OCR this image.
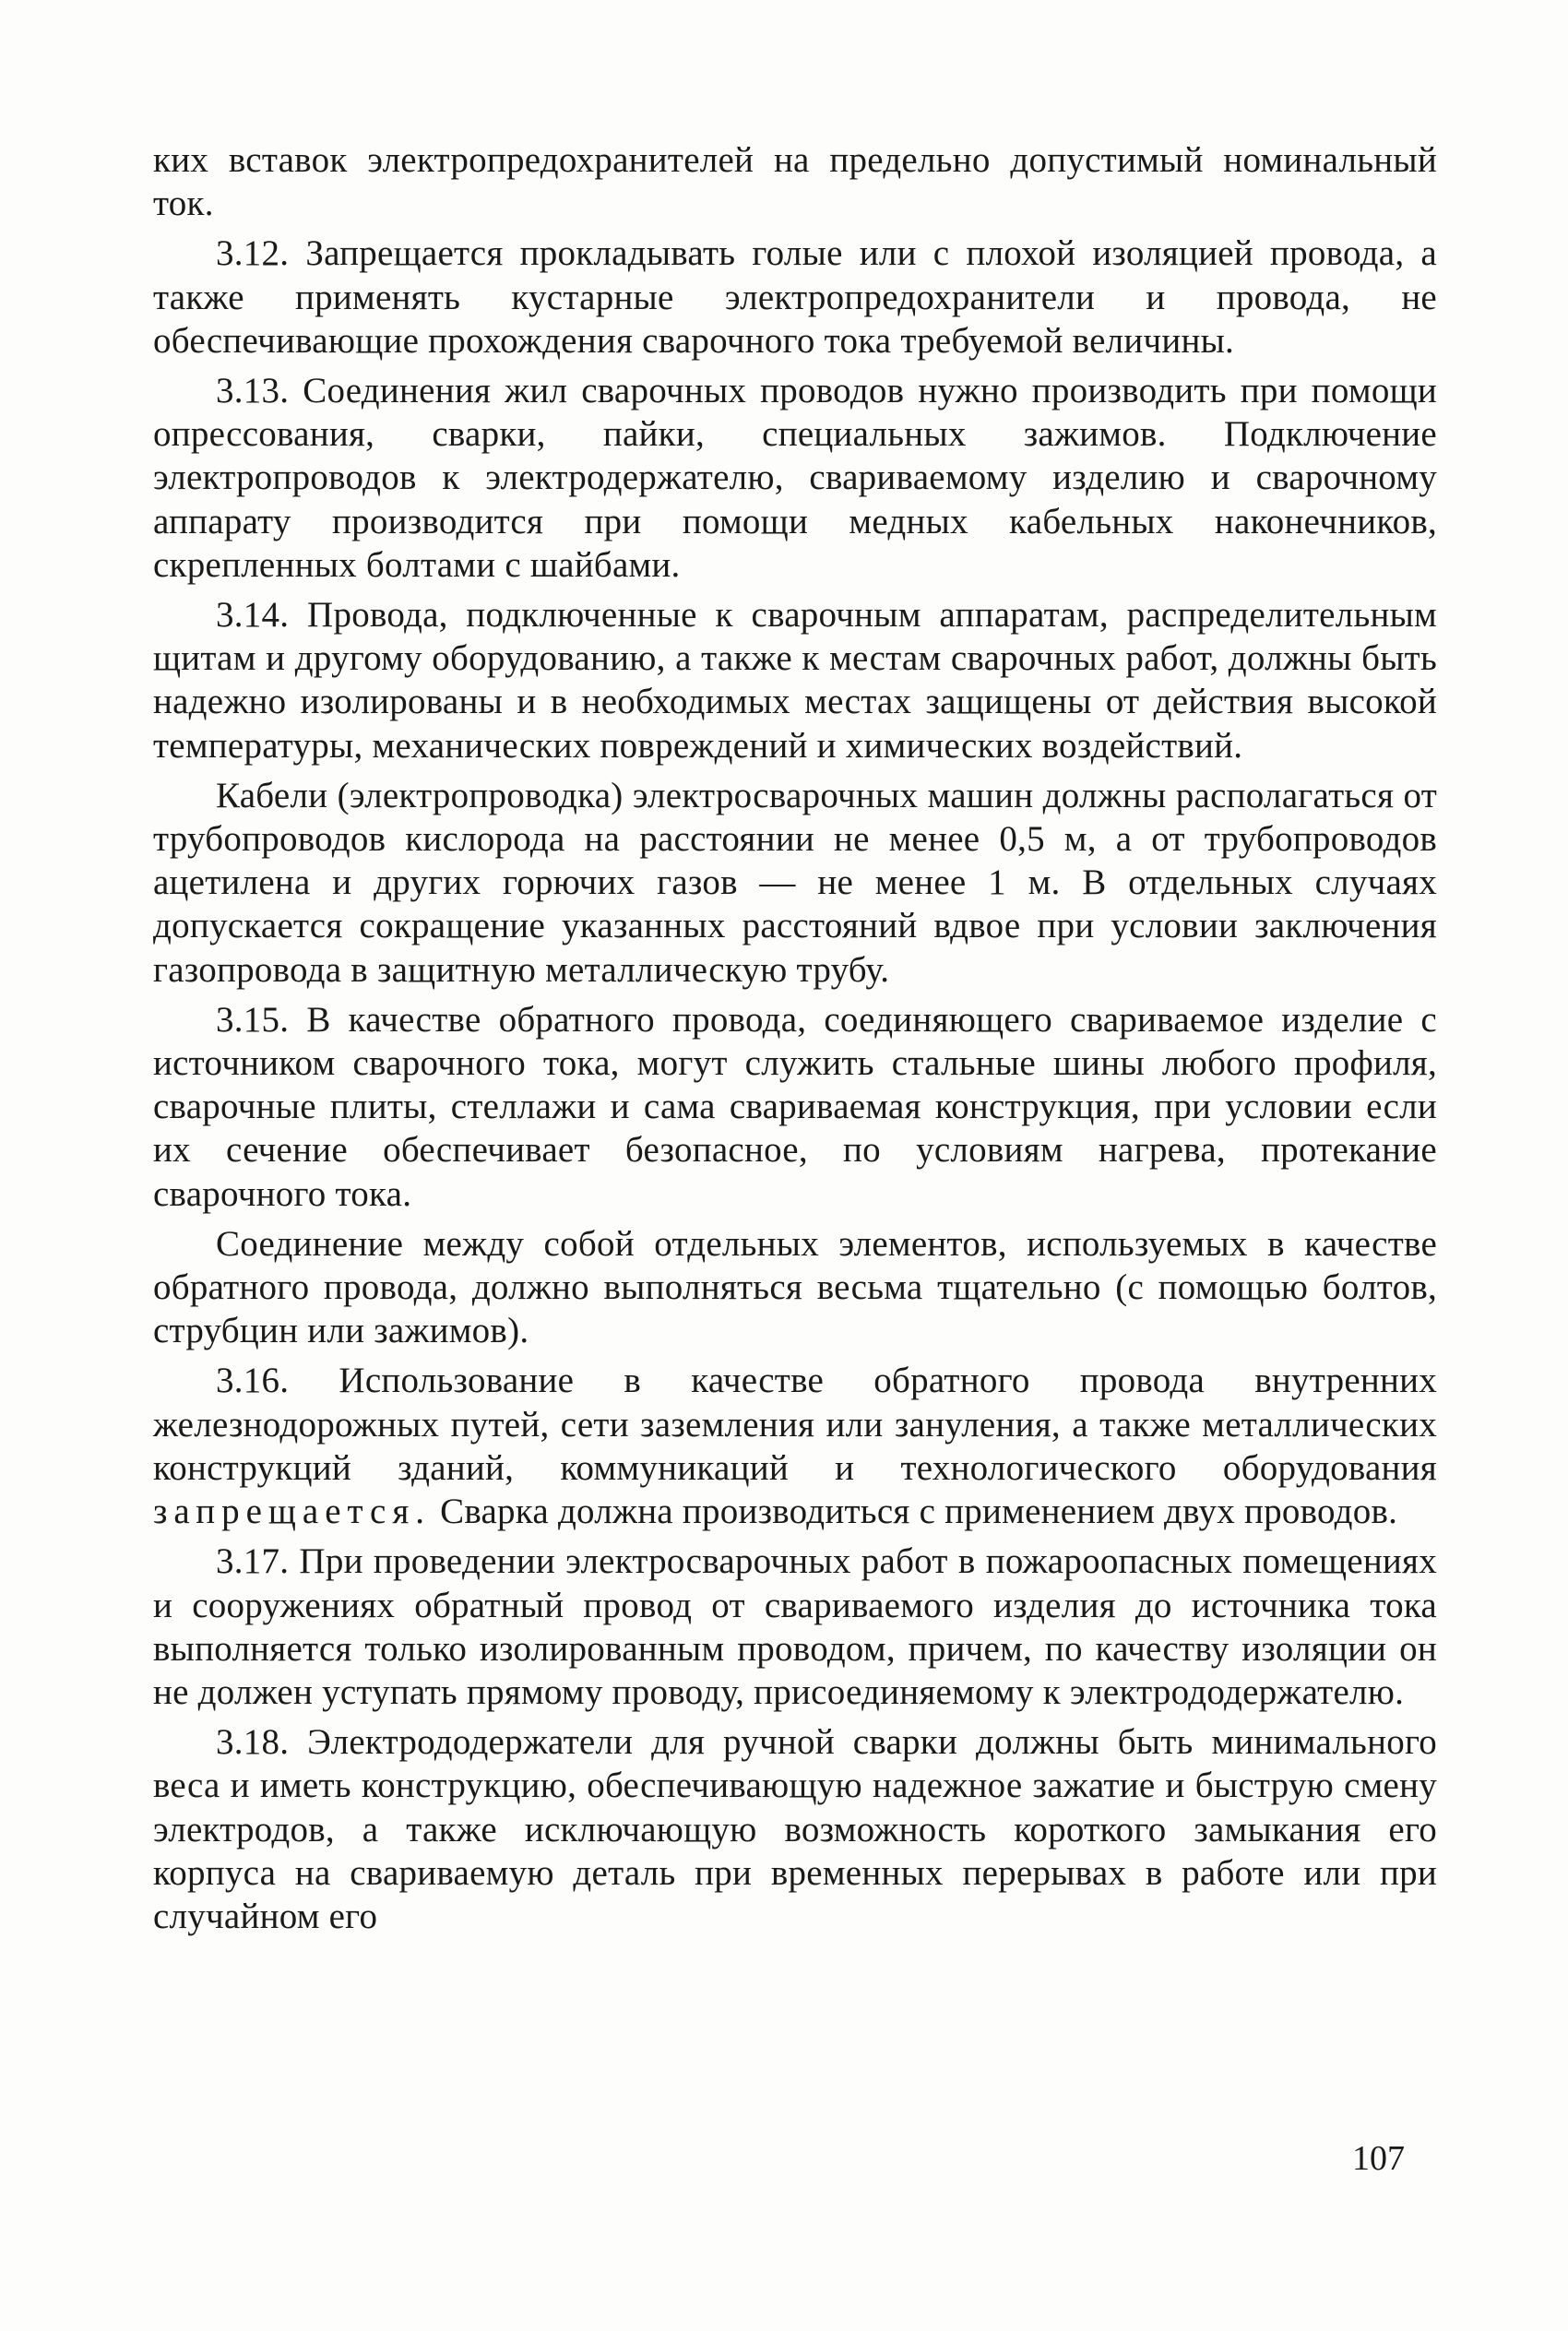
ких вставок электропредохранителей на предельно допустимый номинальный ток.

3.12. Запрещается прокладывать голые или с плохой изоляцией провода, а также применять кустарные электропредохранители и провода, не обеспечивающие прохождения сварочного тока требуемой величины.

3.13. Соединения жил сварочных проводов нужно производить при помощи опрессования, сварки, пайки, специальных зажимов. Подключение электропроводов к электродержателю, свариваемому изделию и сварочному аппарату производится при помощи медных кабельных наконечников, скрепленных болтами с шайбами.

3.14. Провода, подключенные к сварочным аппаратам, распределительным щитам и другому оборудованию, а также к местам сварочных работ, должны быть надежно изолированы и в необходимых местах защищены от действия высокой температуры, механических повреждений и химических воздействий.

Кабели (электропроводка) электросварочных машин должны располагаться от трубопроводов кислорода на расстоянии не менее 0,5 м, а от трубопроводов ацетилена и других горючих газов — не менее 1 м. В отдельных случаях допускается сокращение указанных расстояний вдвое при условии заключения газопровода в защитную металлическую трубу.

3.15. В качестве обратного провода, соединяющего свариваемое изделие с источником сварочного тока, могут служить стальные шины любого профиля, сварочные плиты, стеллажи и сама свариваемая конструкция, при условии если их сечение обеспечивает безопасное, по условиям нагрева, протекание сварочного тока.

Соединение между собой отдельных элементов, используемых в качестве обратного провода, должно выполняться весьма тщательно (с помощью болтов, струбцин или зажимов).

3.16. Использование в качестве обратного провода внутренних железнодорожных путей, сети заземления или зануления, а также металлических конструкций зданий, коммуникаций и технологического оборудования запрещается. Сварка должна производиться с применением двух проводов.

3.17. При проведении электросварочных работ в пожароопасных помещениях и сооружениях обратный провод от свариваемого изделия до источника тока выполняется только изолированным проводом, причем, по качеству изоляции он не должен уступать прямому проводу, присоединяемому к электрододержателю.

3.18. Электрододержатели для ручной сварки должны быть минимального веса и иметь конструкцию, обеспечивающую надежное зажатие и быструю смену электродов, а также исключающую возможность короткого замыкания его корпуса на свариваемую деталь при временных перерывах в работе или при случайном его

107
